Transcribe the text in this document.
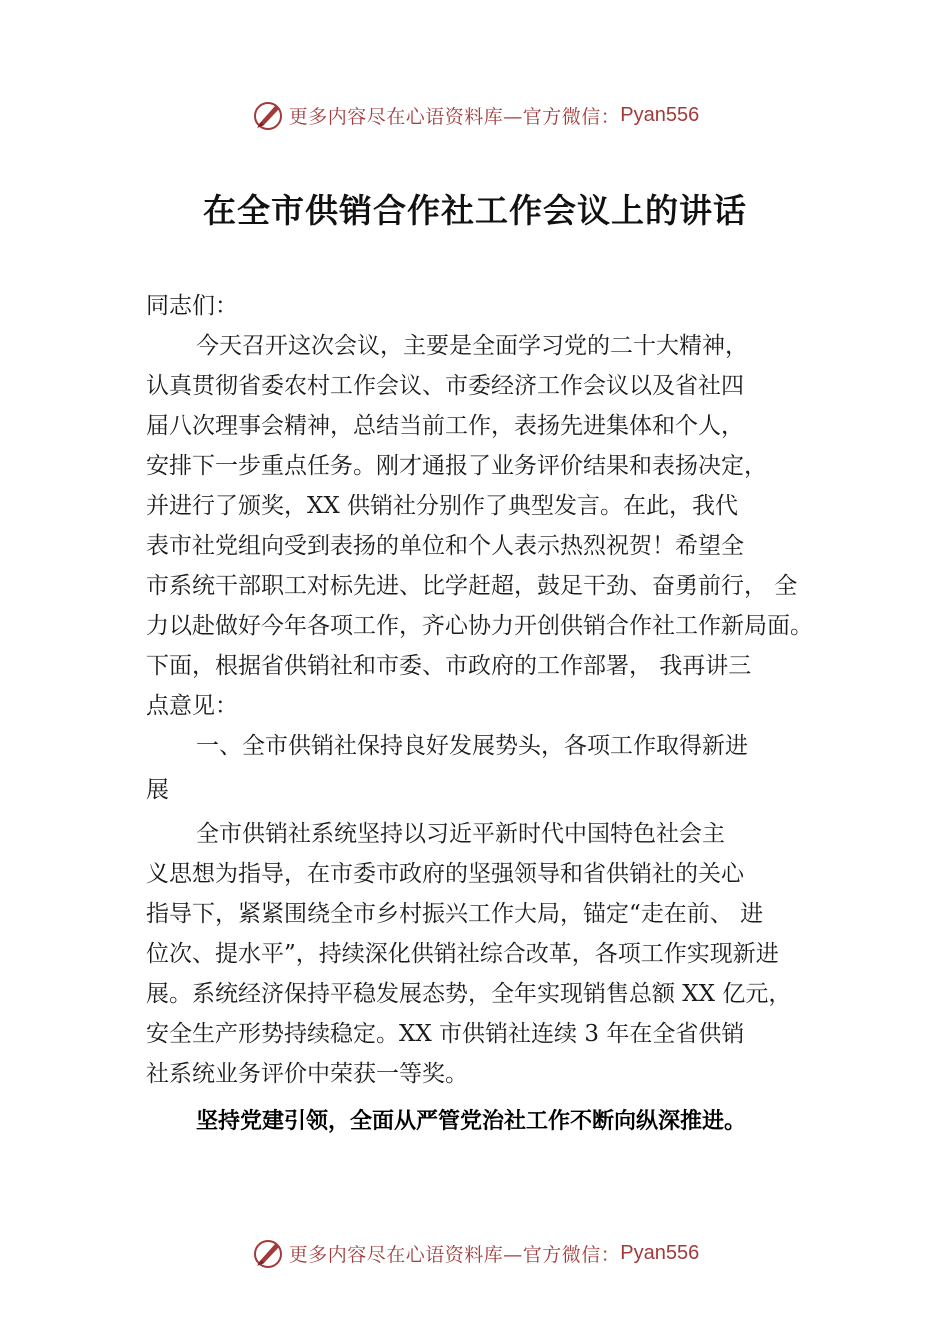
更多内容尽在心语资料库—官方微信： Pyan556
在全市供销合作社工作会议上的讲话
同志们：
今天召开这次会议，主要是全面学习党的二十大精神，
认真贯彻省委农村工作会议、市委经济工作会议以及省社四
届八次理事会精神，总结当前工作，表扬先进集体和个人，
安排下一步重点任务。刚才通报了业务评价结果和表扬决定，
并进行了颁奖，XX 供销社分别作了典型发言。在此，我代
表市社党组向受到表扬的单位和个人表示热烈祝贺！希望全
市系统干部职工对标先进、比学赶超，鼓足干劲、奋勇前行， 全
力以赴做好今年各项工作，齐心协力开创供销合作社工作新局面。
下面，根据省供销社和市委、市政府的工作部署， 我再讲三
点意见：
一、全市供销社保持良好发展势头，各项工作取得新进
展
全市供销社系统坚持以习近平新时代中国特色社会主
义思想为指导，在市委市政府的坚强领导和省供销社的关心
指导下，紧紧围绕全市乡村振兴工作大局，锚定“走在前、 进
位次、提水平”，持续深化供销社综合改革，各项工作实现新进
展。系统经济保持平稳发展态势，全年实现销售总额 XX 亿元，
安全生产形势持续稳定。XX 市供销社连续 3 年在全省供销
社系统业务评价中荣获一等奖。
坚持党建引领，全面从严管党治社工作不断向纵深推进。
更多内容尽在心语资料库—官方微信： Pyan556
